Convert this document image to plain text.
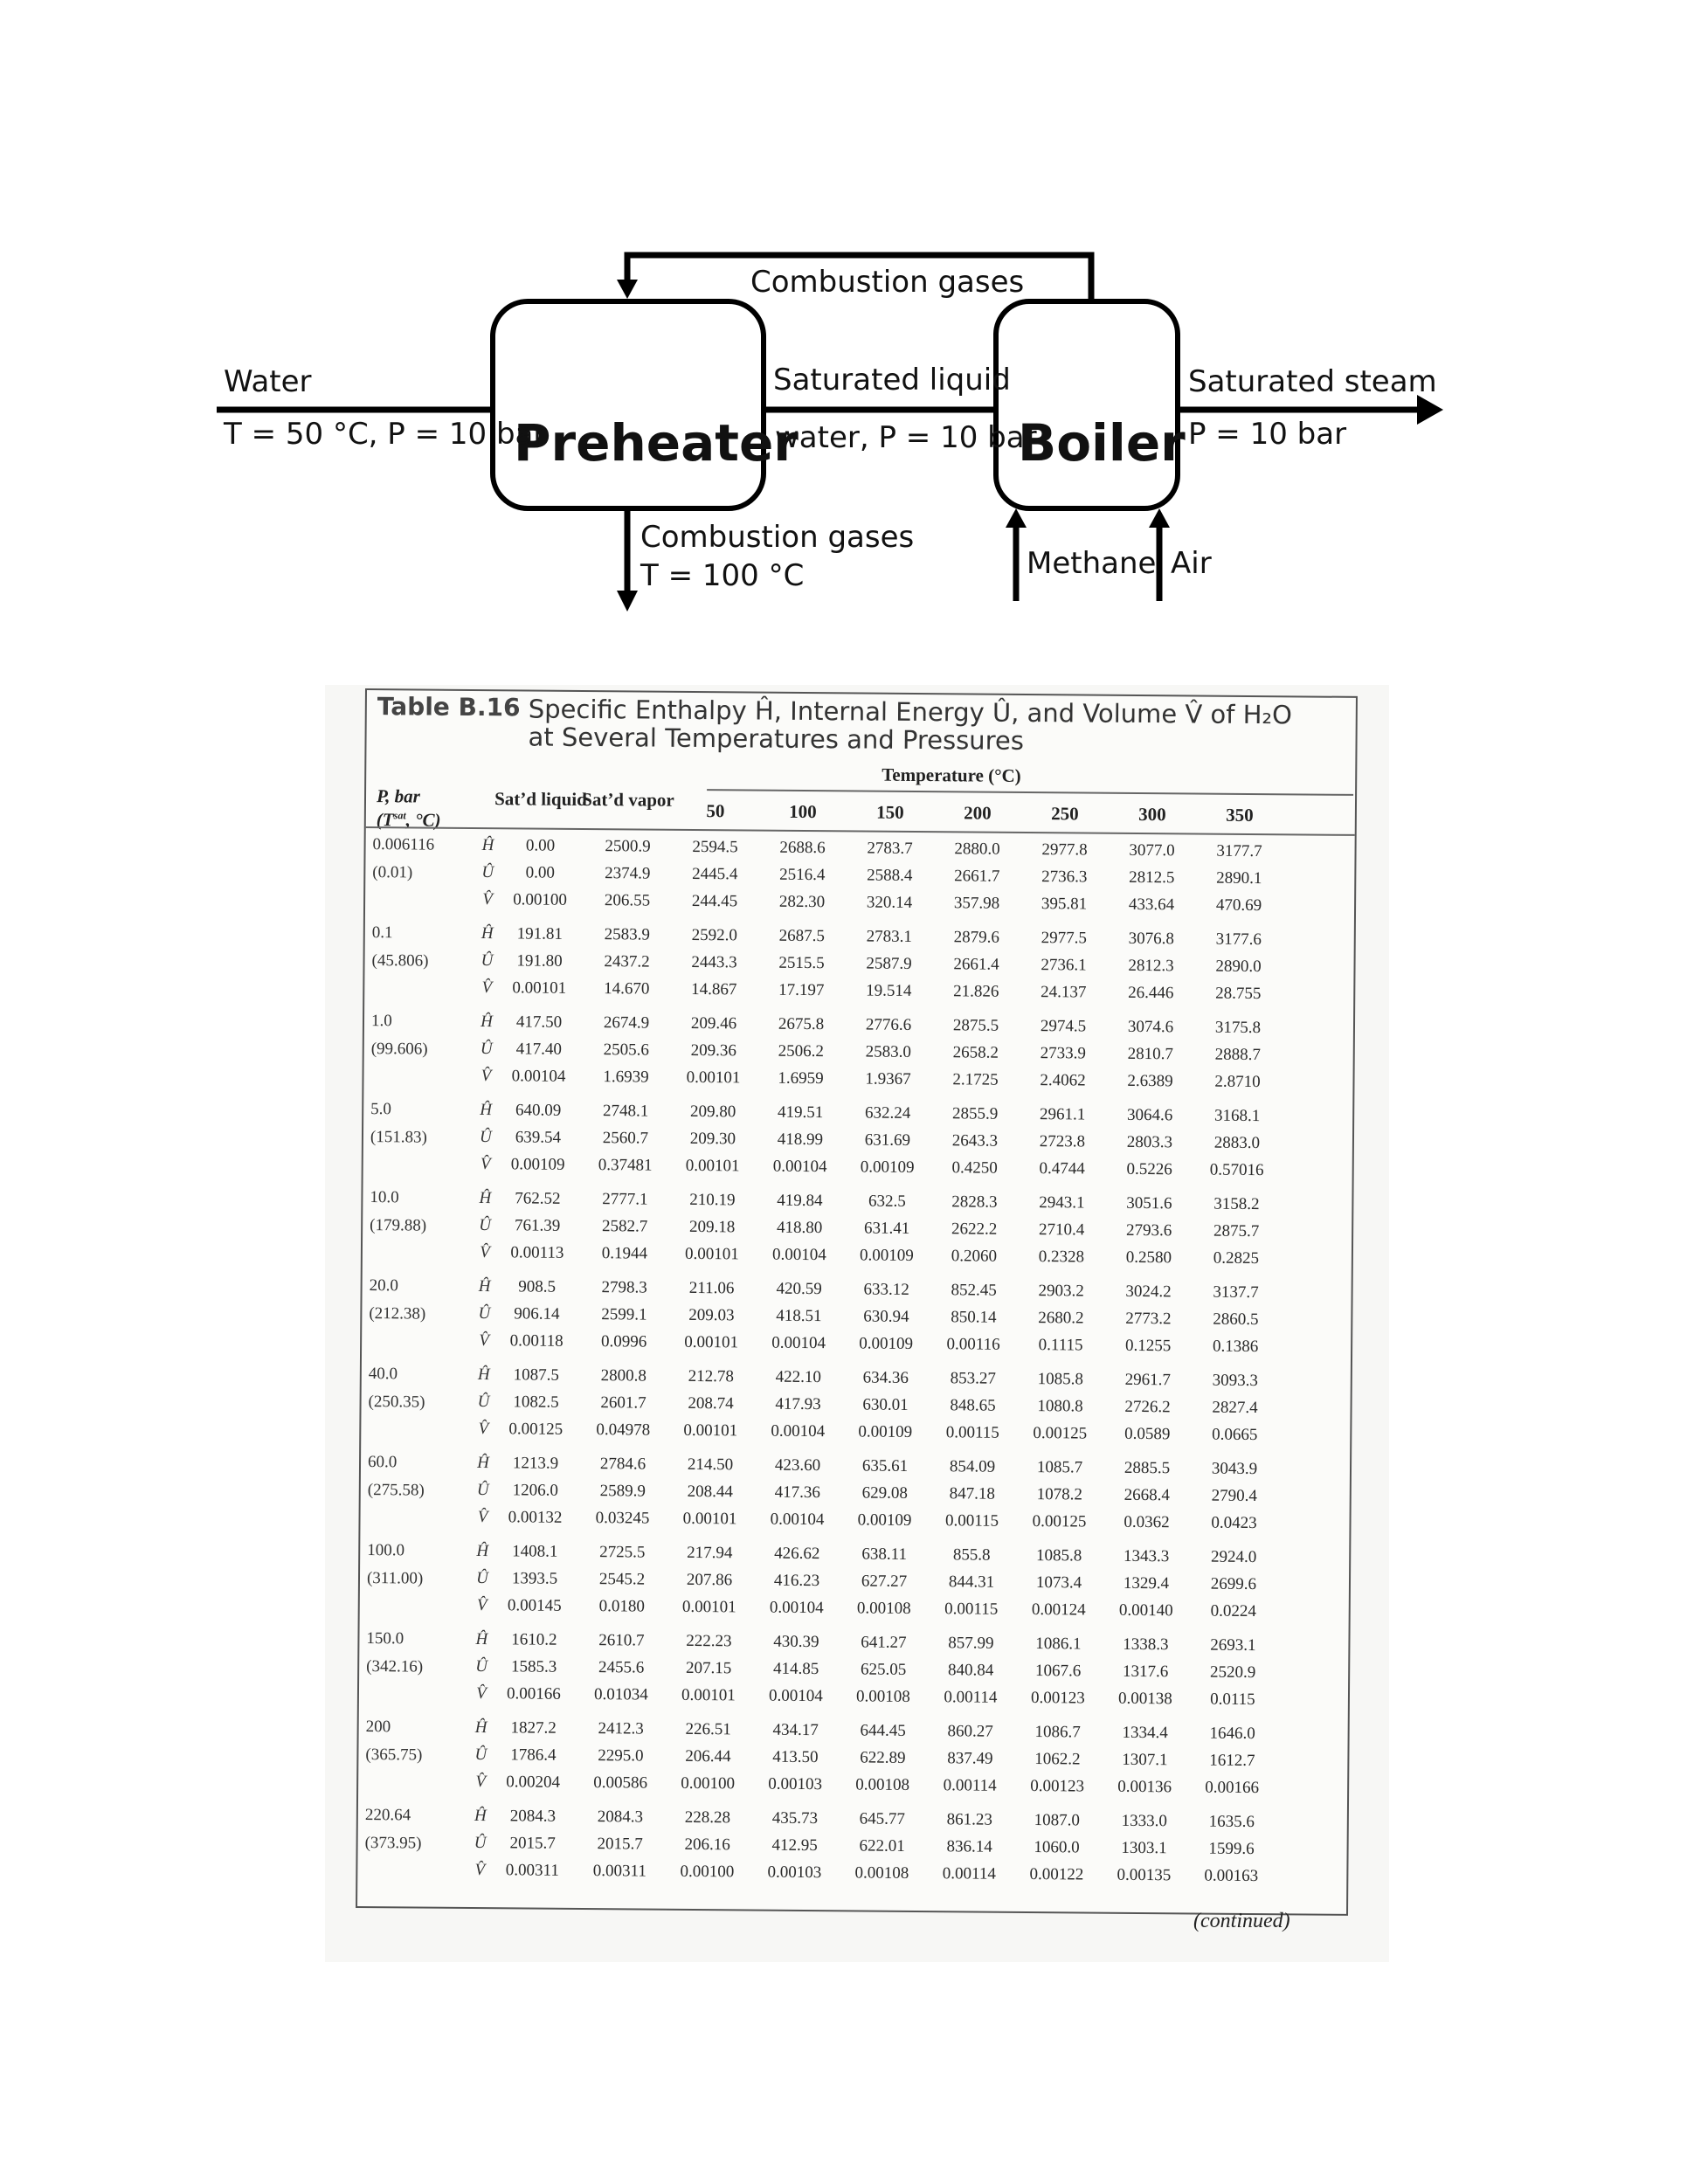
Preheater	Boiler
Combustion gases
Water
T = 50 °C, P = 10 bar
Saturated liquid
water, P = 10 bar
Saturated steam
P = 10 bar
Combustion gases
T = 100 °C	Methane Air
Table B.16 Specific Enthalpy Ĥ, Internal Energy Û, and Volume V̂ of H₂O at Several Temperatures and Pressures
Temperature (°C)
P, bar
($T^{sat}$, °C)
Sat’d liquid
Sat’d vapor
50	100	150	200	250	300	350
0.006116
(0.01)
Ĥ	0.00	2500.9	2594.5	2688.6	2783.7	2880.0	2977.8	3077.0	3177.7
Û	0.00	2374.9	2445.4	2516.4	2588.4	2661.7	2736.3	2812.5	2890.1
V̂	0.00100	206.55	244.45	282.30	320.14	357.98	395.81	433.64	470.69
0.1
(45.806)
Ĥ	191.81	2583.9	2592.0	2687.5	2783.1	2879.6	2977.5	3076.8	3177.6
Û	191.80	2437.2	2443.3	2515.5	2587.9	2661.4	2736.1	2812.3	2890.0
V̂	0.00101	14.670	14.867	17.197	19.514	21.826	24.137	26.446	28.755
1.0
(99.606)
Ĥ	417.50	2674.9	209.46	2675.8	2776.6	2875.5	2974.5	3074.6	3175.8
Û	417.40	2505.6	209.36	2506.2	2583.0	2658.2	2733.9	2810.7	2888.7
V̂	0.00104	1.6939	0.00101	1.6959	1.9367	2.1725	2.4062	2.6389	2.8710
5.0
(151.83)
Ĥ	640.09	2748.1	209.80	419.51	632.24	2855.9	2961.1	3064.6	3168.1
Û	639.54	2560.7	209.30	418.99	631.69	2643.3	2723.8	2803.3	2883.0
V̂	0.00109	0.37481	0.00101	0.00104	0.00109	0.4250	0.4744	0.5226	0.57016
10.0
(179.88)
Ĥ	762.52	2777.1	210.19	419.84	632.5	2828.3	2943.1	3051.6	3158.2
Û	761.39	2582.7	209.18	418.80	631.41	2622.2	2710.4	2793.6	2875.7
V̂	0.00113	0.1944	0.00101	0.00104	0.00109	0.2060	0.2328	0.2580	0.2825
20.0
(212.38)
Ĥ	908.5	2798.3	211.06	420.59	633.12	852.45	2903.2	3024.2	3137.7
Û	906.14	2599.1	209.03	418.51	630.94	850.14	2680.2	2773.2	2860.5
V̂	0.00118	0.0996	0.00101	0.00104	0.00109	0.00116	0.1115	0.1255	0.1386
40.0
(250.35)
Ĥ	1087.5	2800.8	212.78	422.10	634.36	853.27	1085.8	2961.7	3093.3
Û	1082.5	2601.7	208.74	417.93	630.01	848.65	1080.8	2726.2	2827.4
V̂	0.00125	0.04978	0.00101	0.00104	0.00109	0.00115	0.00125	0.0589	0.0665
60.0
(275.58)
Ĥ	1213.9	2784.6	214.50	423.60	635.61	854.09	1085.7	2885.5	3043.9
Û	1206.0	2589.9	208.44	417.36	629.08	847.18	1078.2	2668.4	2790.4
V̂	0.00132	0.03245	0.00101	0.00104	0.00109	0.00115	0.00125	0.0362	0.0423
100.0
(311.00)
Ĥ	1408.1	2725.5	217.94	426.62	638.11	855.8	1085.8	1343.3	2924.0
Û	1393.5	2545.2	207.86	416.23	627.27	844.31	1073.4	1329.4	2699.6
V̂	0.00145	0.0180	0.00101	0.00104	0.00108	0.00115	0.00124	0.00140	0.0224
150.0
(342.16)
Ĥ	1610.2	2610.7	222.23	430.39	641.27	857.99	1086.1	1338.3	2693.1
Û	1585.3	2455.6	207.15	414.85	625.05	840.84	1067.6	1317.6	2520.9
V̂	0.00166	0.01034	0.00101	0.00104	0.00108	0.00114	0.00123	0.00138	0.0115
200
(365.75)
Ĥ	1827.2	2412.3	226.51	434.17	644.45	860.27	1086.7	1334.4	1646.0
Û	1786.4	2295.0	206.44	413.50	622.89	837.49	1062.2	1307.1	1612.7
V̂	0.00204	0.00586	0.00100	0.00103	0.00108	0.00114	0.00123	0.00136	0.00166
220.64
(373.95)
Ĥ	2084.3	2084.3	228.28	435.73	645.77	861.23	1087.0	1333.0	1635.6
Û	2015.7	2015.7	206.16	412.95	622.01	836.14	1060.0	1303.1	1599.6
V̂	0.00311	0.00311	0.00100	0.00103	0.00108	0.00114	0.00122	0.00135	0.00163
(continued)
